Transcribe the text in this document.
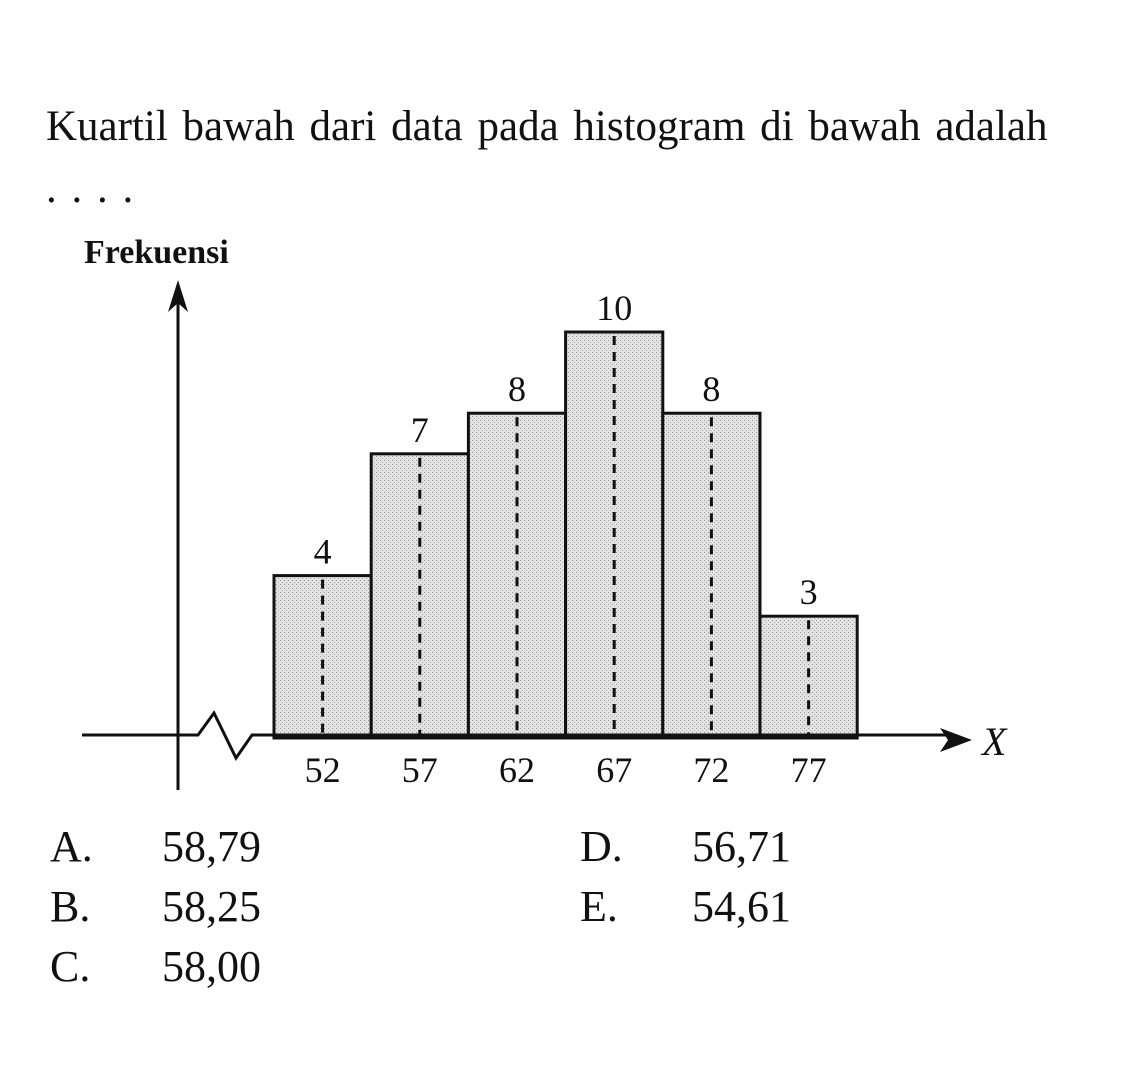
Kuartil bawah dari data pada histogram di bawah adalah . . . .

Frekuensi
4
52
7
57
8
62
10
67
8
72
3
77
X
A. 58,79
B. 58,25
C. 58,00
D. 56,71
E. 54,61
